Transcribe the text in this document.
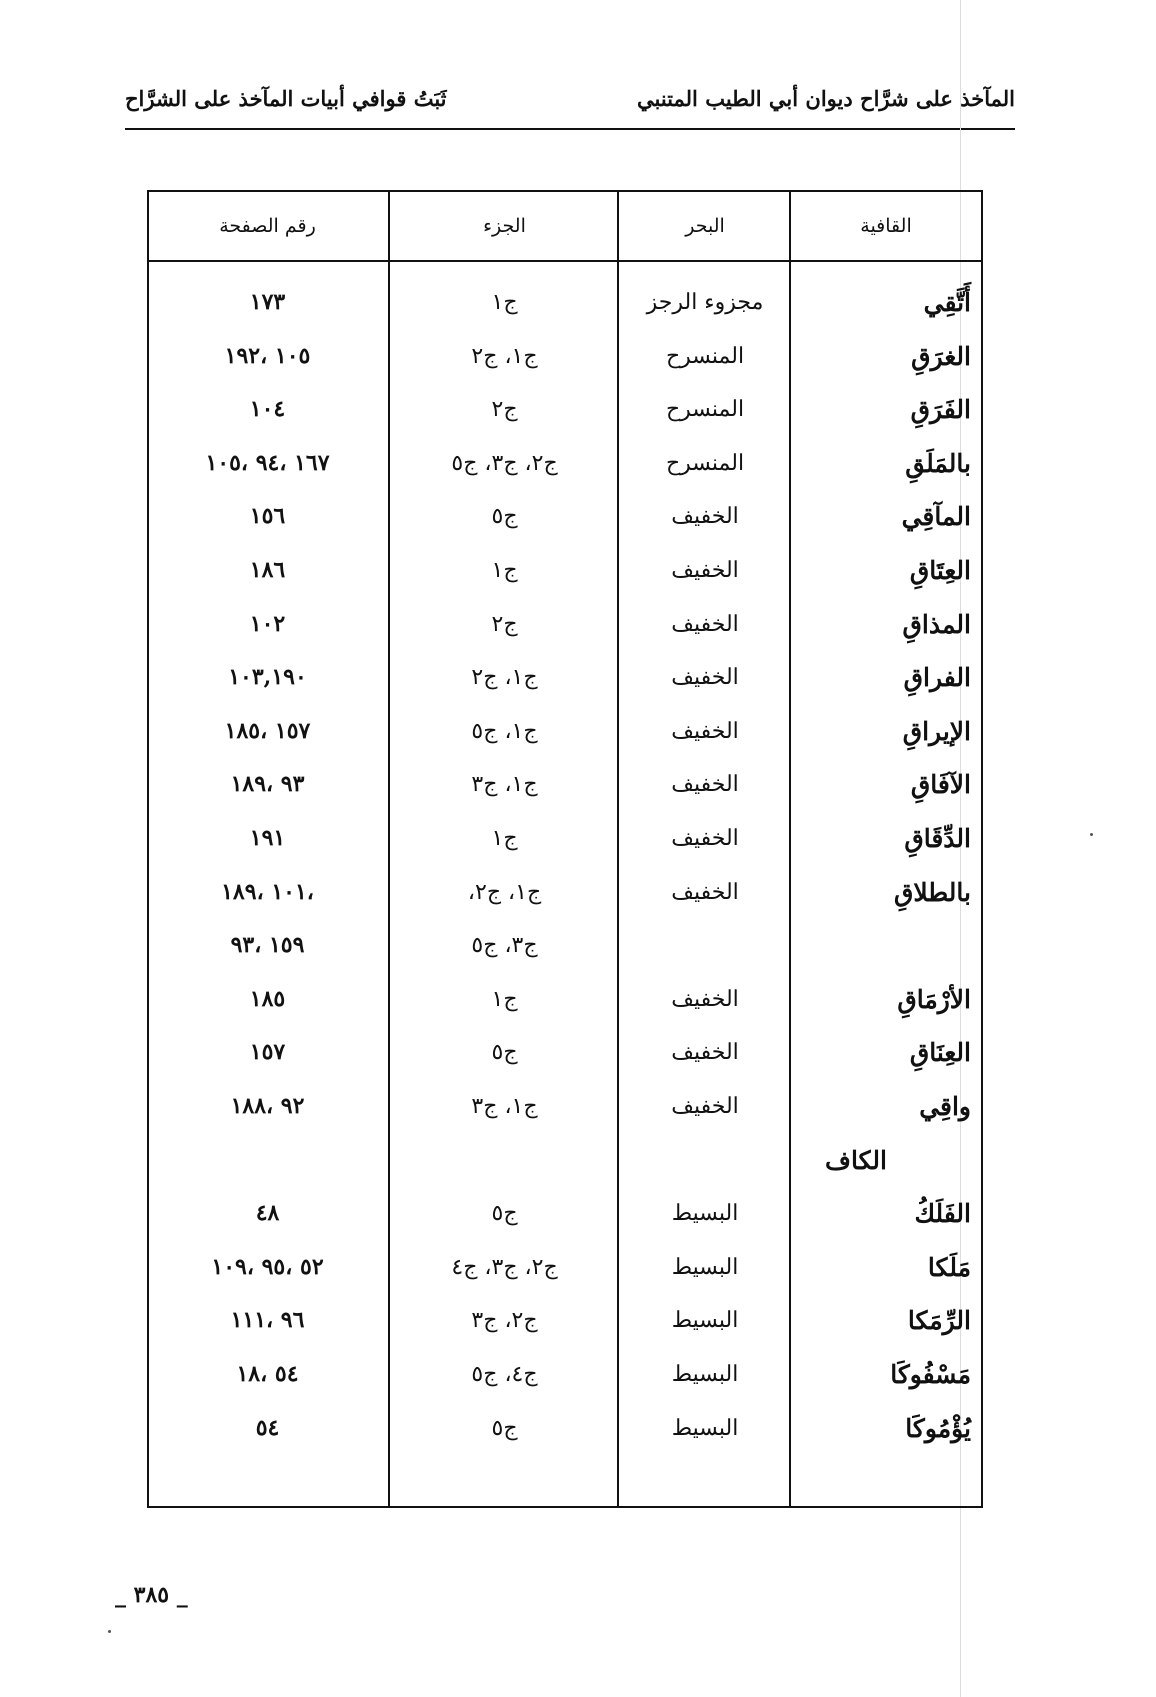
المآخذ على شرَّاح ديوان أبي الطيب المتنبي
ثَبَتُ قوافي أبيات المآخذ على الشرَّاح
القافية
البحر
الجزء
رقم الصفحة
أَتَّقِي
مجزوء الرجز
ج١
١٧٣
الغرَقِ
المنسرح
ج١، ج٢
١٠٥ ،١٩٢
الفَرَقِ
المنسرح
ج٢
١٠٤
بالمَلَقِ
المنسرح
ج٢، ج٣، ج٥
١٦٧ ،٩٤ ،١٠٥
المآقِي
الخفيف
ج٥
١٥٦
العِتَاقِ
الخفيف
ج١
١٨٦
المذاقِ
الخفيف
ج٢
١٠٢
الفراقِ
الخفيف
ج١، ج٢
١٠٣,١٩٠
الإيراقِ
الخفيف
ج١، ج٥
١٥٧ ،١٨٥
الآفَاقِ
الخفيف
ج١، ج٣
٩٣ ،١٨٩
الدِّقَاقِ
الخفيف
ج١
١٩١
بالطلاقِ
الخفيف
ج١، ج٢،
،١٠١ ،١٨٩
ج٣، ج٥
١٥٩ ،٩٣
الأرْمَاقِ
الخفيف
ج١
١٨٥
العِنَاقِ
الخفيف
ج٥
١٥٧
واقِي
الخفيف
ج١، ج٣
٩٢ ،١٨٨
الكاف
الفَلَكُ
البسيط
ج٥
٤٨
مَلَكا
البسيط
ج٢، ج٣، ج٤
٥٢ ،٩٥ ،١٠٩
الرِّمَكا
البسيط
ج٢، ج٣
٩٦ ،١١١
مَسْفُوكَا
البسيط
ج٤، ج٥
٥٤ ،١٨
يُؤْمُوكَا
البسيط
ج٥
٥٤
_ ٣٨٥ _
